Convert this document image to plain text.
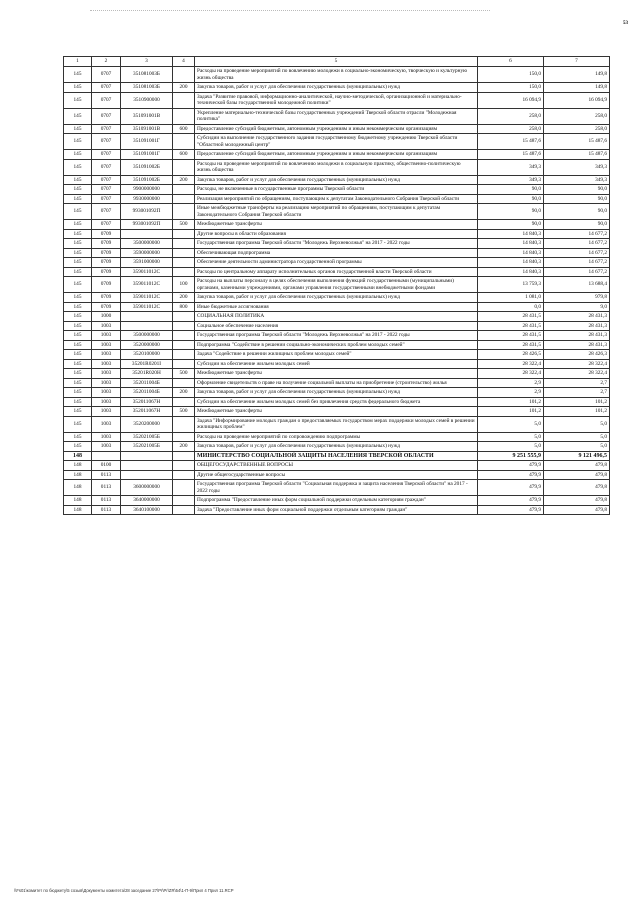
53
1	2	3	4	5	6	7
145	0707	351081003Б		Расходы на проведение мероприятий по вовлечению молодежи в социально-экономическую, творческую и культурную жизнь общества	150,0	149,8
145	0707	351081003Б	200	Закупка товаров, работ и услуг для обеспечения государственных (муниципальных) нужд	150,0	149,8
145	0707	3510900000		Задача "Развитие правовой, информационно-аналитической, научно-методической, организационной и материально-технической базы государственной молодежной политики"	16 094,9	16 094,9
145	0707	351091001В		Укрепление материально-технической базы государственных учреждений Тверской области отрасли "Молодежная политика"	258,0	258,0
145	0707	351091001В	600	Предоставление субсидий бюджетным, автономным учреждениям и иным некоммерческим организациям	258,0	258,0
145	0707	351091001Г		Субсидии на выполнение государственного задания государственному бюджетному учреждению Тверской области "Областной молодежный центр"	15 487,6	15 487,6
145	0707	351091001Г	600	Предоставление субсидий бюджетным, автономным учреждениям и иным некоммерческим организациям	15 487,6	15 487,6
145	0707	351091002Б		Расходы на проведение мероприятий по вовлечению молодежи в социальную практику, общественно-политическую жизнь общества	349,3	349,3
145	0707	351091002Б	200	Закупка товаров, работ и услуг для обеспечения государственных (муниципальных) нужд	349,3	349,3
145	0707	9900000000		Расходы, не включенные в государственные программы Тверской области	90,0	90,0
145	0707	9930000000		Реализация мероприятий по обращениям, поступающим к депутатам Законодательного Собрания Тверской области	90,0	90,0
145	0707	993001092П		Иные межбюджетные трансферты на реализацию мероприятий по обращениям, поступающим к депутатам Законодательного Собрания Тверской области	90,0	90,0
145	0707	993001092П	500	Межбюджетные трансферты	90,0	90,0
145	0709			Другие вопросы в области образования	14 840,3	14 677,2
145	0709	3500000000		Государственная программа Тверской области "Молодежь Верхневолжья" на 2017 - 2022 годы	14 840,3	14 677,2
145	0709	3590000000		Обеспечивающая подпрограмма	14 840,3	14 677,2
145	0709	3591000000		Обеспечение деятельности администратора государственной программы	14 840,3	14 677,2
145	0709	359011012С		Расходы по центральному аппарату исполнительных органов государственной власти Тверской области	14 840,3	14 677,2
145	0709	359011012С	100	Расходы на выплаты персоналу в целях обеспечения выполнения функций государственными (муниципальными) органами, казенными учреждениями, органами управления государственными внебюджетными фондами	13 759,3	13 688,4
145	0709	359011012С	200	Закупка товаров, работ и услуг для обеспечения государственных (муниципальных) нужд	1 081,0	979,8
145	0709	359011012С	800	Иные бюджетные ассигнования	0,0	9,0
145	1000			СОЦИАЛЬНАЯ ПОЛИТИКА	28 431,5	28 431,3
145	1003			Социальное обеспечение населения	28 431,5	28 431,3
145	1003	3500000000		Государственная программа Тверской области "Молодежь Верхневолжья" на 2017 - 2022 годы	28 431,5	28 431,3
145	1003	3520000000		Подпрограмма "Содействие в решении социально-экономических проблем молодых семей"	28 431,5	28 431,3
145	1003	3520100000		Задача "Содействие в решении жилищных проблем молодых семей"	28 426,5	28 426,3
145	1003	35201R0201I		Субсидии на обеспечение жильем молодых семей	28 322,4	28 322,4
145	1003	35201R020H	500	Межбюджетные трансферты	28 322,4	28 322,4
145	1003	352011004Б		Оформление свидетельств о праве на получение социальной выплаты на приобретение (строительство) жилья	2,9	2,7
145	1003	352011004Б	200	Закупка товаров, работ и услуг для обеспечения государственных (муниципальных) нужд	2,9	2,7
145	1003	352011067Н		Субсидии на обеспечение жильем молодых семей без привлечения средств федерального бюджета	101,2	101,2
145	1003	352011067Н	500	Межбюджетные трансферты	101,2	101,2
145	1003	3520200000		Задача "Информирование молодых граждан о предоставляемых государством мерах поддержки молодых семей в решении жилищных проблем"	5,0	5,0
145	1003	352021005Б		Расходы на проведение мероприятий по сопровождению подпрограммы	5,0	5,0
145	1003	352021005Б	200	Закупка товаров, работ и услуг для обеспечения государственных (муниципальных) нужд	5,0	5,0
148				МИНИСТЕРСТВО СОЦИАЛЬНОЙ ЗАЩИТЫ НАСЕЛЕНИЯ ТВЕРСКОЙ ОБЛАСТИ	9 251 555,9	9 121 496,5
148	0100			ОБЩЕГОСУДАРСТВЕННЫЕ ВОПРОСЫ	479,9	479,8
148	0113			Другие общегосударственные вопросы	479,9	479,8
148	0113	3600000000		Государственная программа Тверской области "Социальная поддержка и защита населения Тверской области" на 2017 - 2022 годы	479,9	479,8
148	0113	3640000000		Подпрограмма "Предоставление иных форм социальной поддержки отдельным категориям граждан"	479,9	479,8
148	0113	3640100000		Задача "Предоставление иных форм социальной поддержки отдельным категориям граждан"	479,9	479,8
\\Fs01\комитет по бюджету\5 созыв\Документы комитета\28 заседание 27\Pr\Pr\ZR\54\1-П-9\Прил 4 Прил 11.RCP
